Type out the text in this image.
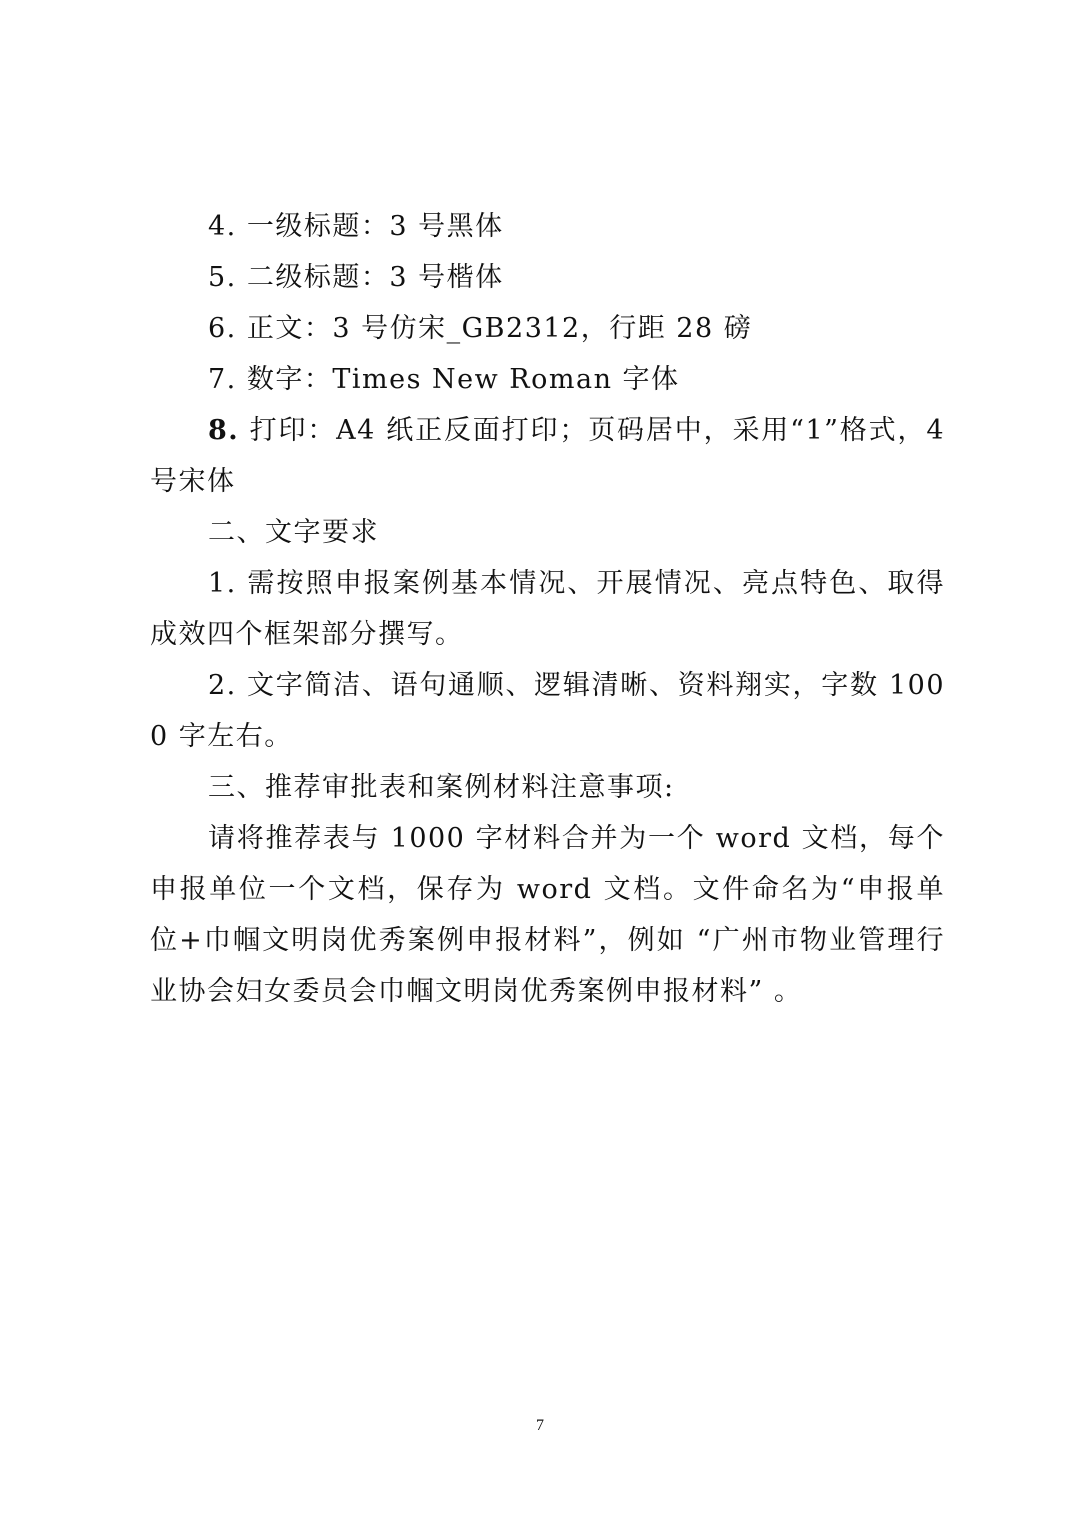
4. 一级标题：3 号黑体

5. 二级标题：3 号楷体

6. 正文：3 号仿宋_GB2312，行距 28 磅

7. 数字：Times New Roman 字体

8. 打印：A4 纸正反面打印；页码居中，采用“1”格式，4 号宋体

二、文字要求

1. 需按照申报案例基本情况、开展情况、亮点特色、取得成效四个框架部分撰写。

2. 文字简洁、语句通顺、逻辑清晰、资料翔实，字数 1000 字左右。

三、推荐审批表和案例材料注意事项:

请将推荐表与 1000 字材料合并为一个 word 文档，每个申报单位一个文档，保存为 word 文档。文件命名为“申报单位+巾帼文明岗优秀案例申报材料”，例如 “广州市物业管理行业协会妇女委员会巾帼文明岗优秀案例申报材料” 。

7
